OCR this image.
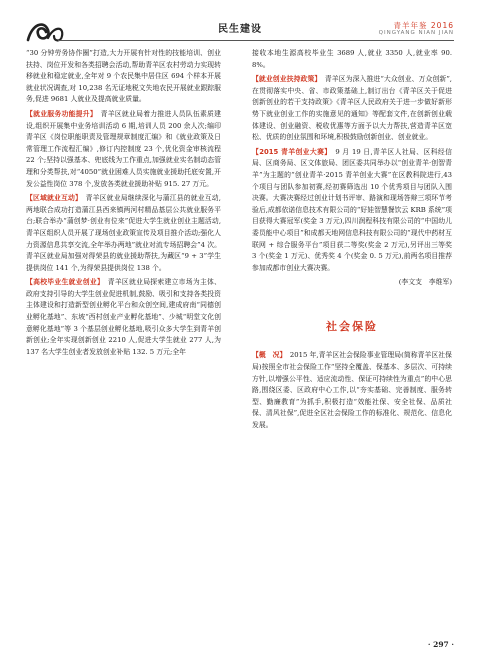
民生建设	青羊年鉴 2016
QINGYANG NIAN JIAN

“30 分钟劳务协作圈”打造,大力开展有针对性的技能培训、创业扶持、岗位开发和各类招聘会活动,帮助青羊区农村劳动力实现转移就业和稳定就业,全年对 9 个农民集中居住区 694 个样本开展就业状况调查,对 10,238 名无证地税文失地农民开展就业跟踪服务,促进 9681 人就业及提高就业质量。

【就业服务功能提升】　 青羊区就业局着力推进人员队伍素质建设,组织开展集中业务培训活动 6 期,培训人员 200 余人次;编印青羊区《岗位职能职责及管理规章制度汇编》和《就业政策及日常管理工作流程汇编》,修订内控制度 23 个,优化资金审核流程 22 个;坚持以强基本、兜底线为工作重点,加强就业实名制动态管理和分类帮扶,对“4050”就业困难人员实施就业援助托底安置,开发公益性岗位 378 个,发放各类就业援助补贴 915. 27 万元。

【区域就业互动】　 青羊区就业局继续深化与蒲江县的就业互动,两地联合成功打造蒲江县西来镇两河村精品基层公共就业服务平台;联合举办“蒲创梦·创业有位来”促进大学生就业创业主题活动,青羊区组织人员开展了现场创业政策宣传及项目推介活动;强化人力资源信息共享交流,全年举办两地”就业对流专场招聘会”4 次。青羊区就业局加强对得荣县的就业援助帮扶,为藏区“9 + 3”学生提供岗位 141 个,为得荣县提供岗位 138 个。

【高校毕业生就业创业】　 青羊区就业局探索建立市场为主体、政府支持引导的大学生创业促进机制,鼓励、吸引和支持各类投资主体建设和打造新型创业孵化平台和众创空间,建成府南“同德创业孵化基地”、东坡“西村创业产业孵化基地”、少城“明堂文化创意孵化基地”等 3 个基层创业孵化基地,吸引众多大学生到青羊创新创业;全年实现创新创业 2210 人,促进大学生就业 277 人,为 137 名大学生创业者发放创业补贴 132. 5 万元;全年

接收本地生源高校毕业生 3689 人,就业 3350 人,就业率 90. 8%。

【就业创业扶持政策】　 青羊区为深入推进“大众创业、万众创新”,在贯彻落实中央、省、市政策基础上,制订出台《青羊区关于促进创新创业的若干支持政策》《青羊区人民政府关于进一步做好新形势下就业创业工作的实施意见的通知》等配套文件,在创新创业载体建设、创业融资、税收优惠等方面予以大力帮扶,营造青羊区宽松、优质的创业氛围和环境,积极鼓励创新创业、创业就业。

【2015 青羊创业大赛】　 9 月 19 日,青羊区人社局、区科经信局、区商务局、区文体旅局、团区委共同举办以“创业青羊·创智青羊”为主题的“创业青羊·2015 青羊创业大赛”在区教科院进行,43 个项目与团队参加初赛,经初赛筛选出 10 个优秀项目与团队入围决赛。大赛决赛经过创业计划书评审、路演和现场答辩三项环节考验后,成都依诺信息技术有限公司的“好娃智慧餐饮云 KRB 系统”项目获得大赛冠军(奖金 3 万元),四川润程科技有限公司的“中国幼儿委员能中心项目”和成都天地网信息科技有限公司的“现代中药材互联网 + 综合服务平台”项目获二等奖(奖金 2 万元),另评出三等奖 3 个(奖金 1 万元)、优秀奖 4 个(奖金 0. 5 万元),前两名项目推荐参加成都市创业大赛决赛。

(李文支　李维军)

社会保险

【概　况】　 2015 年,青羊区社会保险事业管理局(简称青羊区社保局)按照全市社会保险工作“坚持全覆盖、保基本、多层次、可持续方针,以增强公平性、适应流动性、保证可持续性为重点”的中心思路,围绕区委、区政府中心工作,以“夯实基础、完善制度、服务转型、勤廉教育”为抓手,积极打造“效能社保、安全社保、品质社保、清风社保”,促进全区社会保险工作的标准化、规范化、信息化发展。

· 297 ·
